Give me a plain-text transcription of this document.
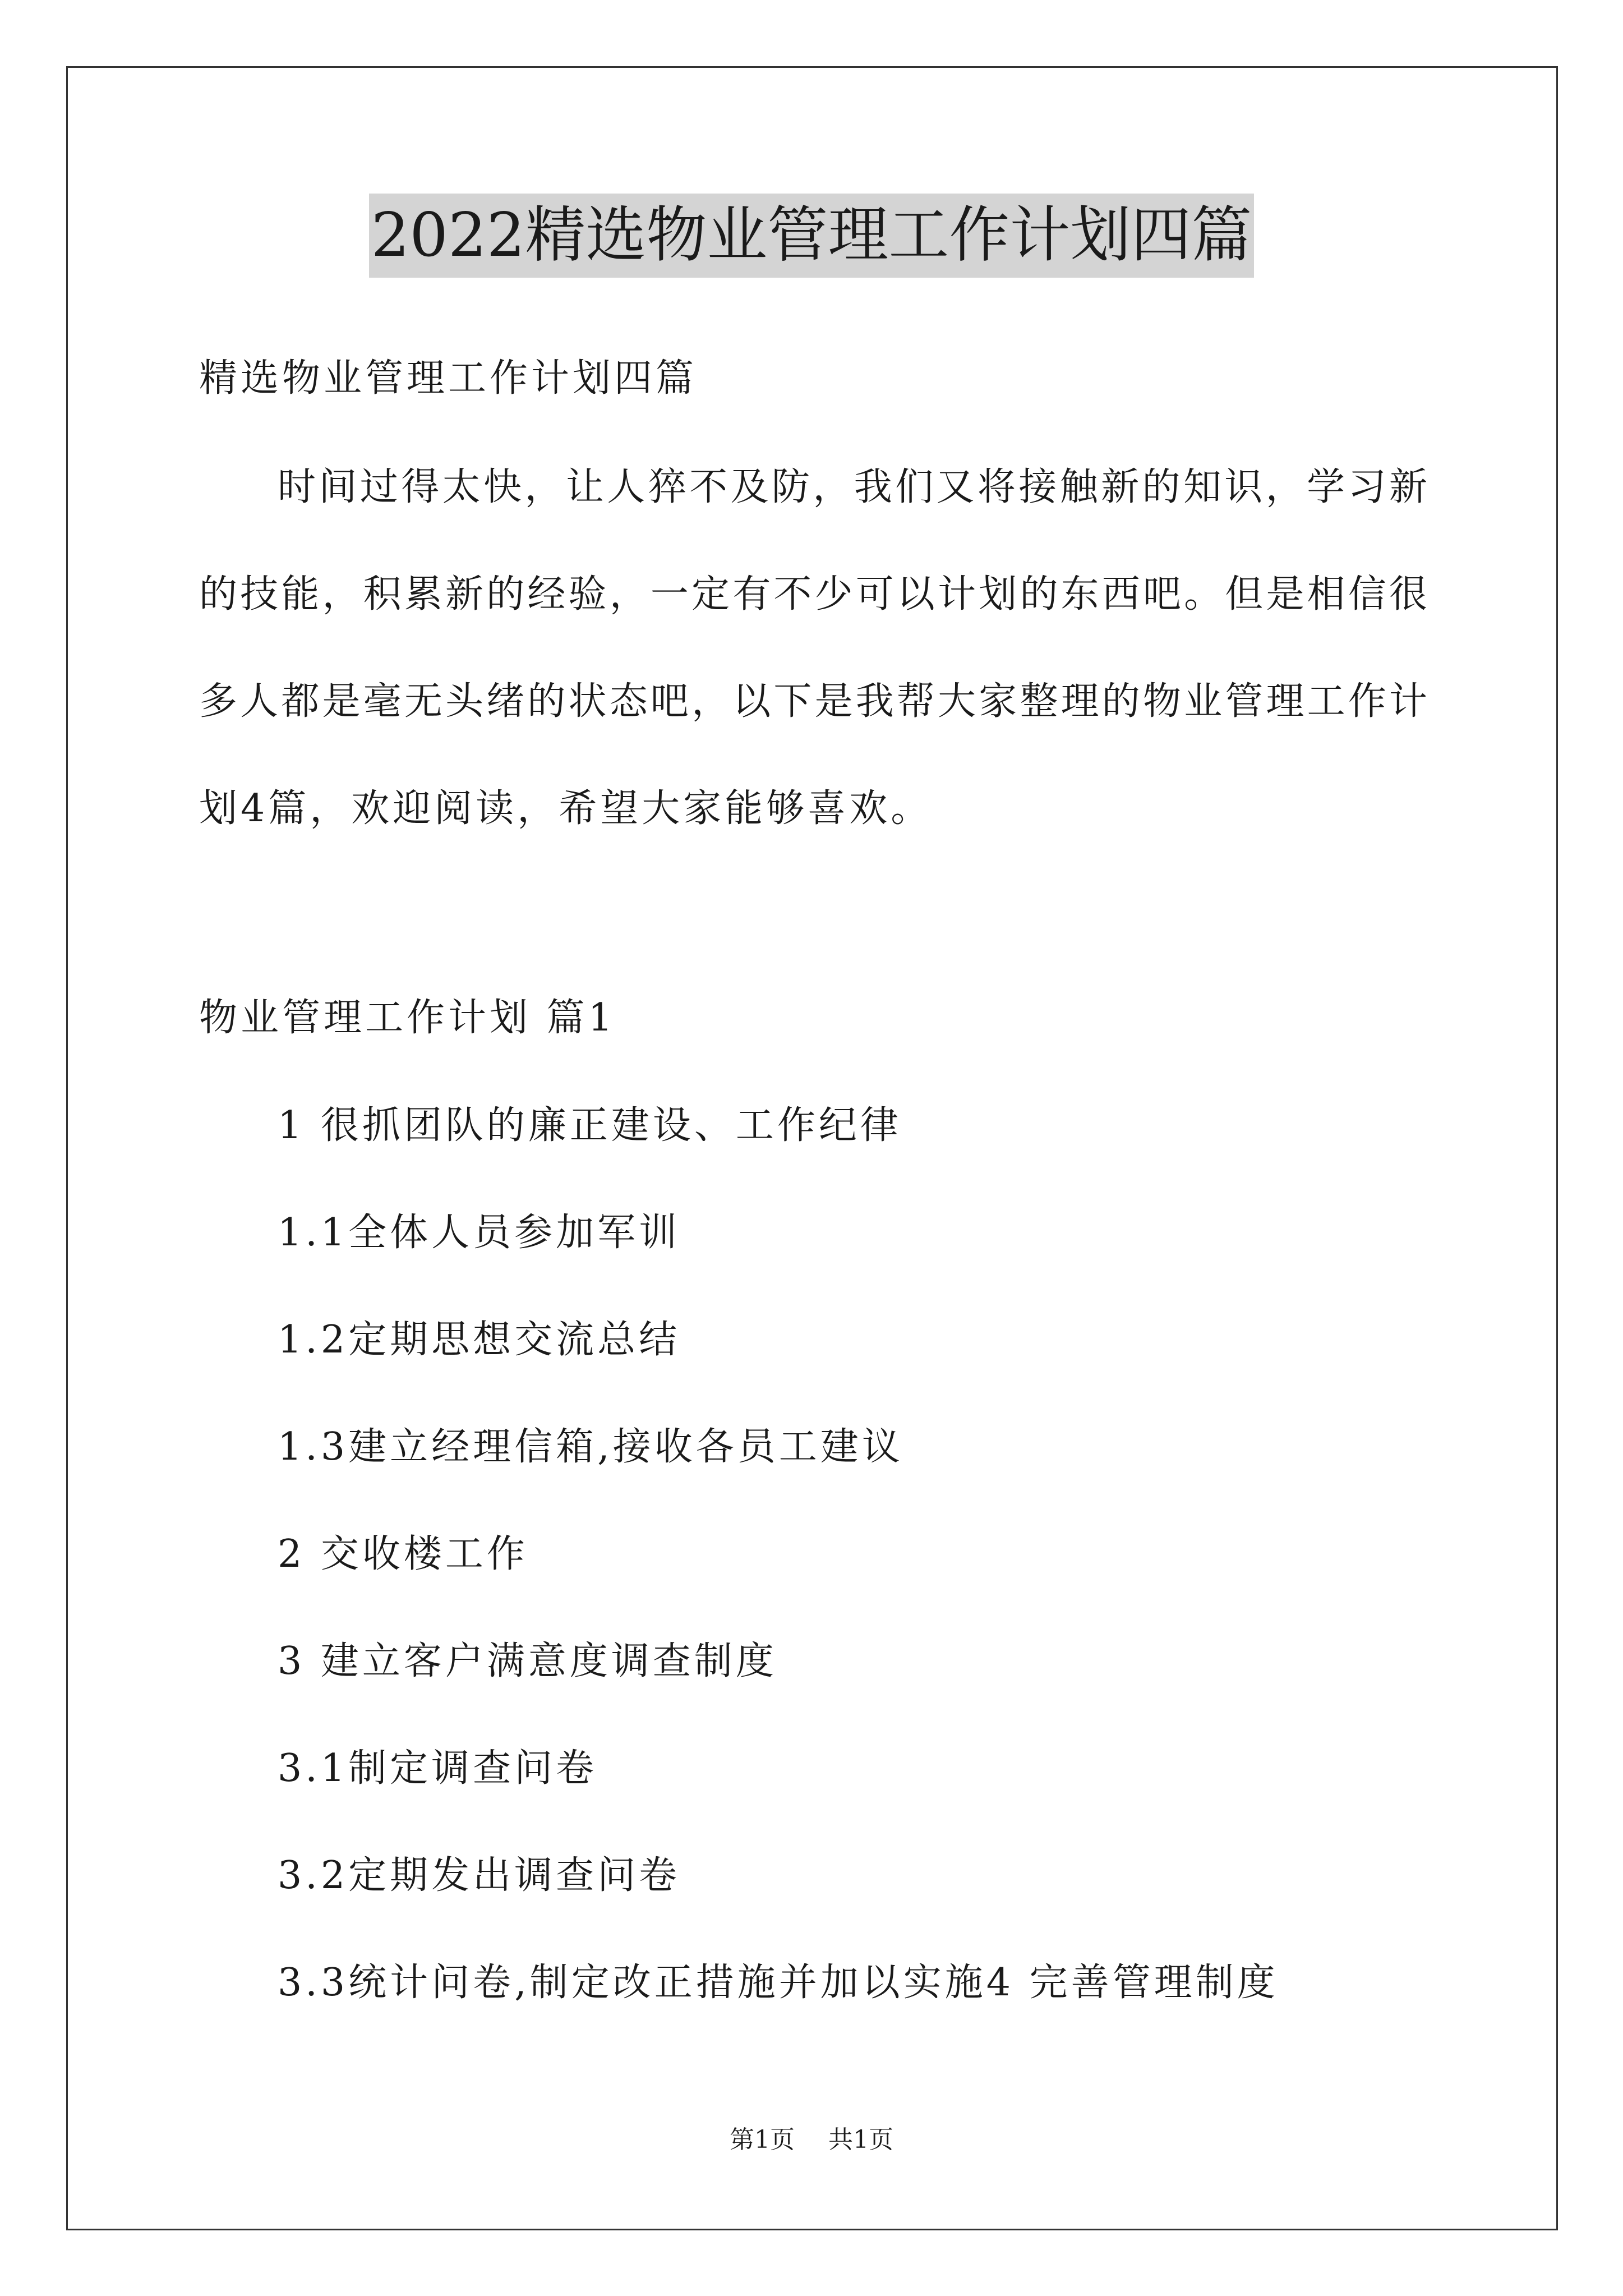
2022精选物业管理工作计划四篇
精选物业管理工作计划四篇
时间过得太快，让人猝不及防，我们又将接触新的知识，学习新
的技能，积累新的经验，一定有不少可以计划的东西吧。但是相信很
多人都是毫无头绪的状态吧，以下是我帮大家整理的物业管理工作计
划4篇，欢迎阅读，希望大家能够喜欢。
物业管理工作计划 篇1
1 很抓团队的廉正建设、工作纪律
1.1全体人员参加军训
1.2定期思想交流总结
1.3建立经理信箱,接收各员工建议
2 交收楼工作
3 建立客户满意度调查制度
3.1制定调查问卷
3.2定期发出调查问卷
3.3统计问卷,制定改正措施并加以实施4 完善管理制度
第1页 共1页
